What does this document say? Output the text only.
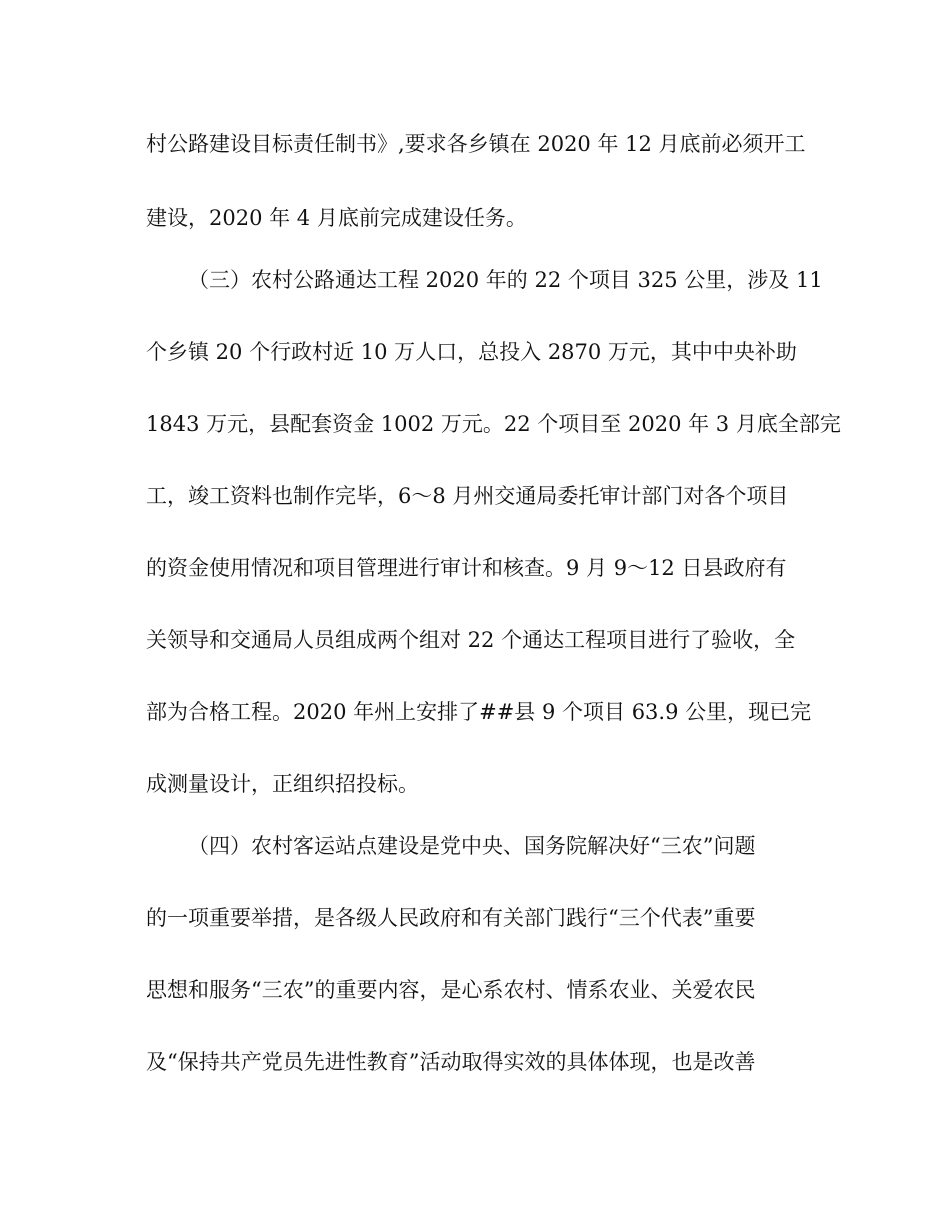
村公路建设目标责任制书》,要求各乡镇在 2020 年 12 月底前必须开工

建设，2020 年 4 月底前完成建设任务。

（三）农村公路通达工程 2020 年的 22 个项目 325 公里，涉及 11

个乡镇 20 个行政村近 10 万人口，总投入 2870 万元，其中中央补助

1843 万元，县配套资金 1002 万元。22 个项目至 2020 年 3 月底全部完

工，竣工资料也制作完毕，6～8 月州交通局委托审计部门对各个项目

的资金使用情况和项目管理进行审计和核查。9 月 9～12 日县政府有

关领导和交通局人员组成两个组对 22 个通达工程项目进行了验收，全

部为合格工程。2020 年州上安排了##县 9 个项目 63.9 公里，现已完

成测量设计，正组织招投标。

（四）农村客运站点建设是党中央、国务院解决好“三农”问题

的一项重要举措，是各级人民政府和有关部门践行“三个代表”重要

思想和服务“三农”的重要内容，是心系农村、情系农业、关爱农民

及“保持共产党员先进性教育”活动取得实效的具体体现，也是改善
